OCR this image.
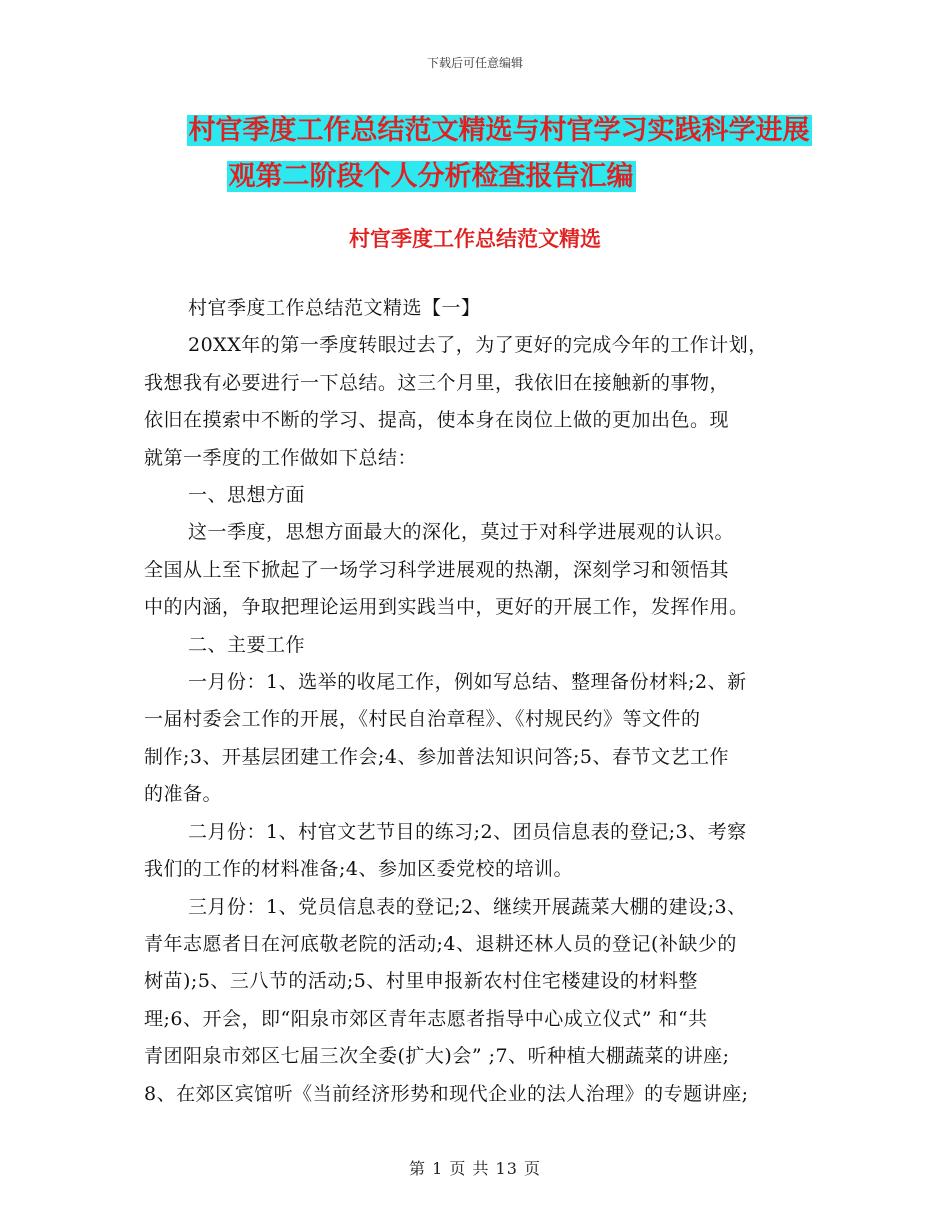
下载后可任意编辑
村官季度工作总结范文精选与村官学习实践科学进展
观第二阶段个人分析检查报告汇编
村官季度工作总结范文精选

村官季度工作总结范文精选【一】

20XX年的第一季度转眼过去了，为了更好的完成今年的工作计划，

我想我有必要进行一下总结。这三个月里，我依旧在接触新的事物，

依旧在摸索中不断的学习、提高，使本身在岗位上做的更加出色。现

就第一季度的工作做如下总结：

一、思想方面

这一季度，思想方面最大的深化，莫过于对科学进展观的认识。

全国从上至下掀起了一场学习科学进展观的热潮，深刻学习和领悟其

中的内涵，争取把理论运用到实践当中，更好的开展工作，发挥作用。

二、主要工作

一月份：1、选举的收尾工作，例如写总结、整理备份材料;2、新

一届村委会工作的开展，《村民自治章程》、《村规民约》等文件的

制作;3、开基层团建工作会;4、参加普法知识问答;5、春节文艺工作

的准备。

二月份：1、村官文艺节目的练习;2、团员信息表的登记;3、考察

我们的工作的材料准备;4、参加区委党校的培训。

三月份：1、党员信息表的登记;2、继续开展蔬菜大棚的建设;3、

青年志愿者日在河底敬老院的活动;4、退耕还林人员的登记(补缺少的

树苗);5、三八节的活动;5、村里申报新农村住宅楼建设的材料整

理;6、开会，即“阳泉市郊区青年志愿者指导中心成立仪式” 和“共

青团阳泉市郊区七届三次全委(扩大)会” ;7、听种植大棚蔬菜的讲座;

8、在郊区宾馆听《当前经济形势和现代企业的法人治理》的专题讲座;

第 1 页 共 13 页
